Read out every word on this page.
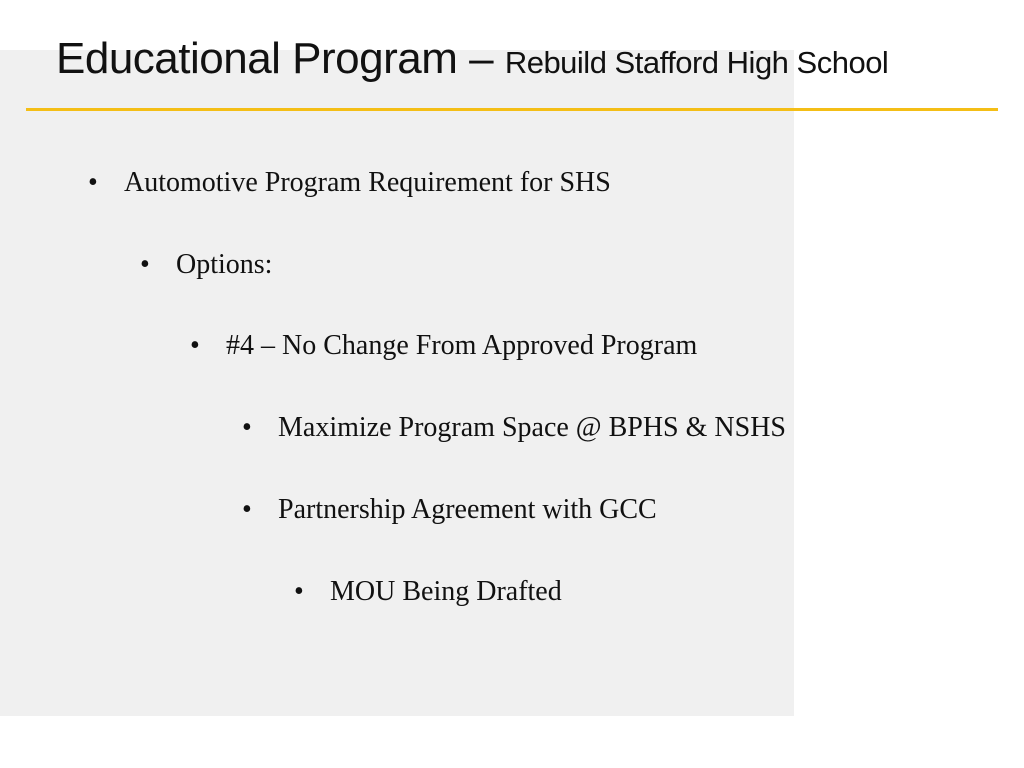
Educational Program – Rebuild Stafford High School
• Automotive Program Requirement for SHS
• Options:
• #4 – No Change From Approved Program
• Maximize Program Space @ BPHS & NSHS
• Partnership Agreement with GCC
• MOU Being Drafted
